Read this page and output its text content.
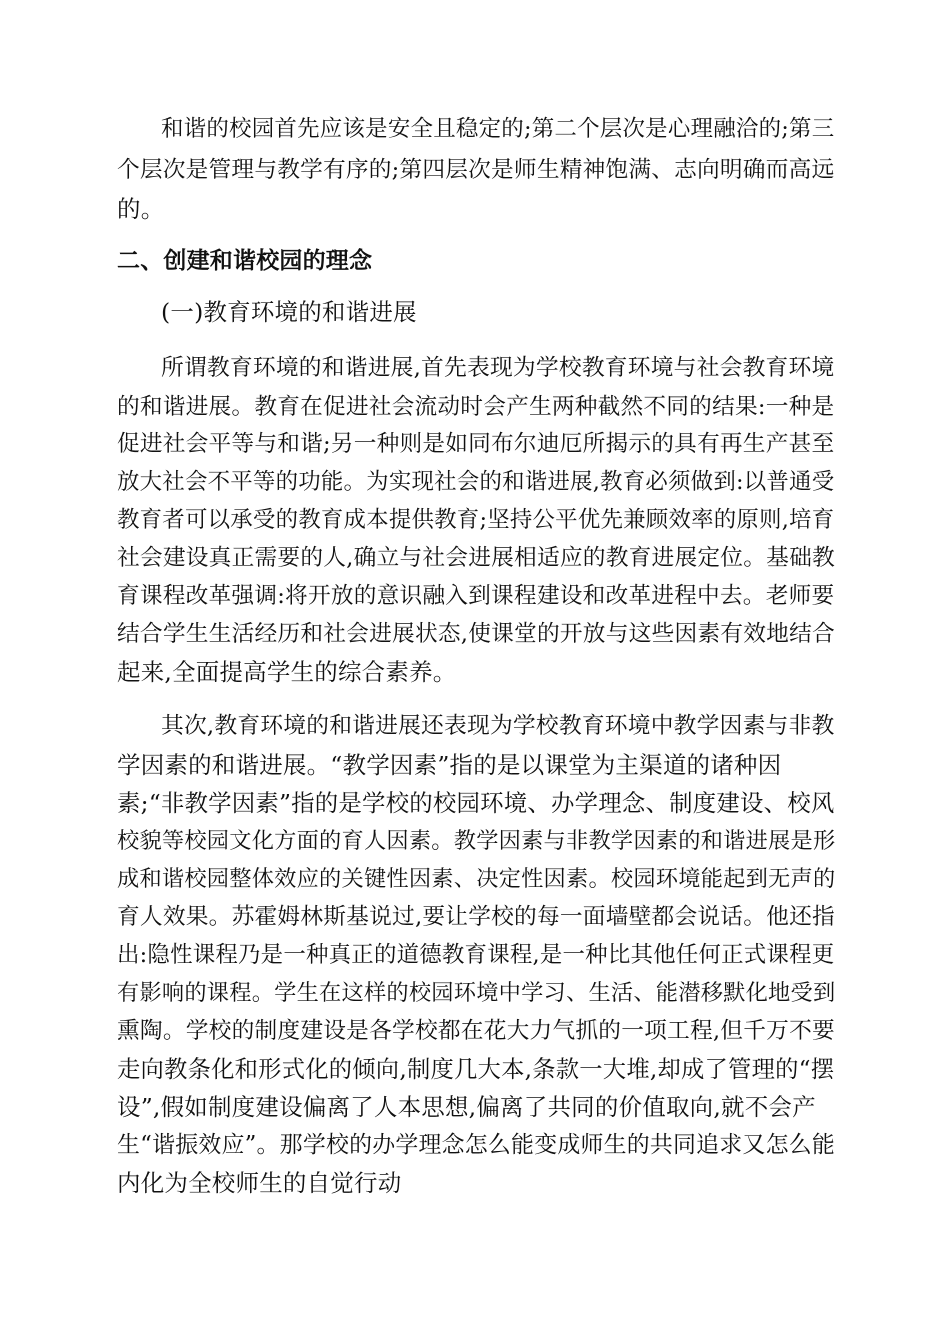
和谐的校园首先应该是安全且稳定的;第二个层次是心理融洽的;第三

个层次是管理与教学有序的;第四层次是师生精神饱满、志向明确而高远

的。

二、创建和谐校园的理念

(一)教育环境的和谐进展

所谓教育环境的和谐进展,首先表现为学校教育环境与社会教育环境

的和谐进展。教育在促进社会流动时会产生两种截然不同的结果:一种是

促进社会平等与和谐;另一种则是如同布尔迪厄所揭示的具有再生产甚至

放大社会不平等的功能。为实现社会的和谐进展,教育必须做到:以普通受

教育者可以承受的教育成本提供教育;坚持公平优先兼顾效率的原则,培育

社会建设真正需要的人,确立与社会进展相适应的教育进展定位。基础教

育课程改革强调:将开放的意识融入到课程建设和改革进程中去。老师要

结合学生生活经历和社会进展状态,使课堂的开放与这些因素有效地结合

起来,全面提高学生的综合素养。

其次,教育环境的和谐进展还表现为学校教育环境中教学因素与非教

学因素的和谐进展。“教学因素”指的是以课堂为主渠道的诸种因

素;“非教学因素”指的是学校的校园环境、办学理念、制度建设、校风

校貌等校园文化方面的育人因素。教学因素与非教学因素的和谐进展是形

成和谐校园整体效应的关键性因素、决定性因素。校园环境能起到无声的

育人效果。苏霍姆林斯基说过,要让学校的每一面墙壁都会说话。他还指

出:隐性课程乃是一种真正的道德教育课程,是一种比其他任何正式课程更

有影响的课程。学生在这样的校园环境中学习、生活、能潜移默化地受到

熏陶。学校的制度建设是各学校都在花大力气抓的一项工程,但千万不要

走向教条化和形式化的倾向,制度几大本,条款一大堆,却成了管理的“摆

设”,假如制度建设偏离了人本思想,偏离了共同的价值取向,就不会产

生“谐振效应”。那学校的办学理念怎么能变成师生的共同追求又怎么能

内化为全校师生的自觉行动
